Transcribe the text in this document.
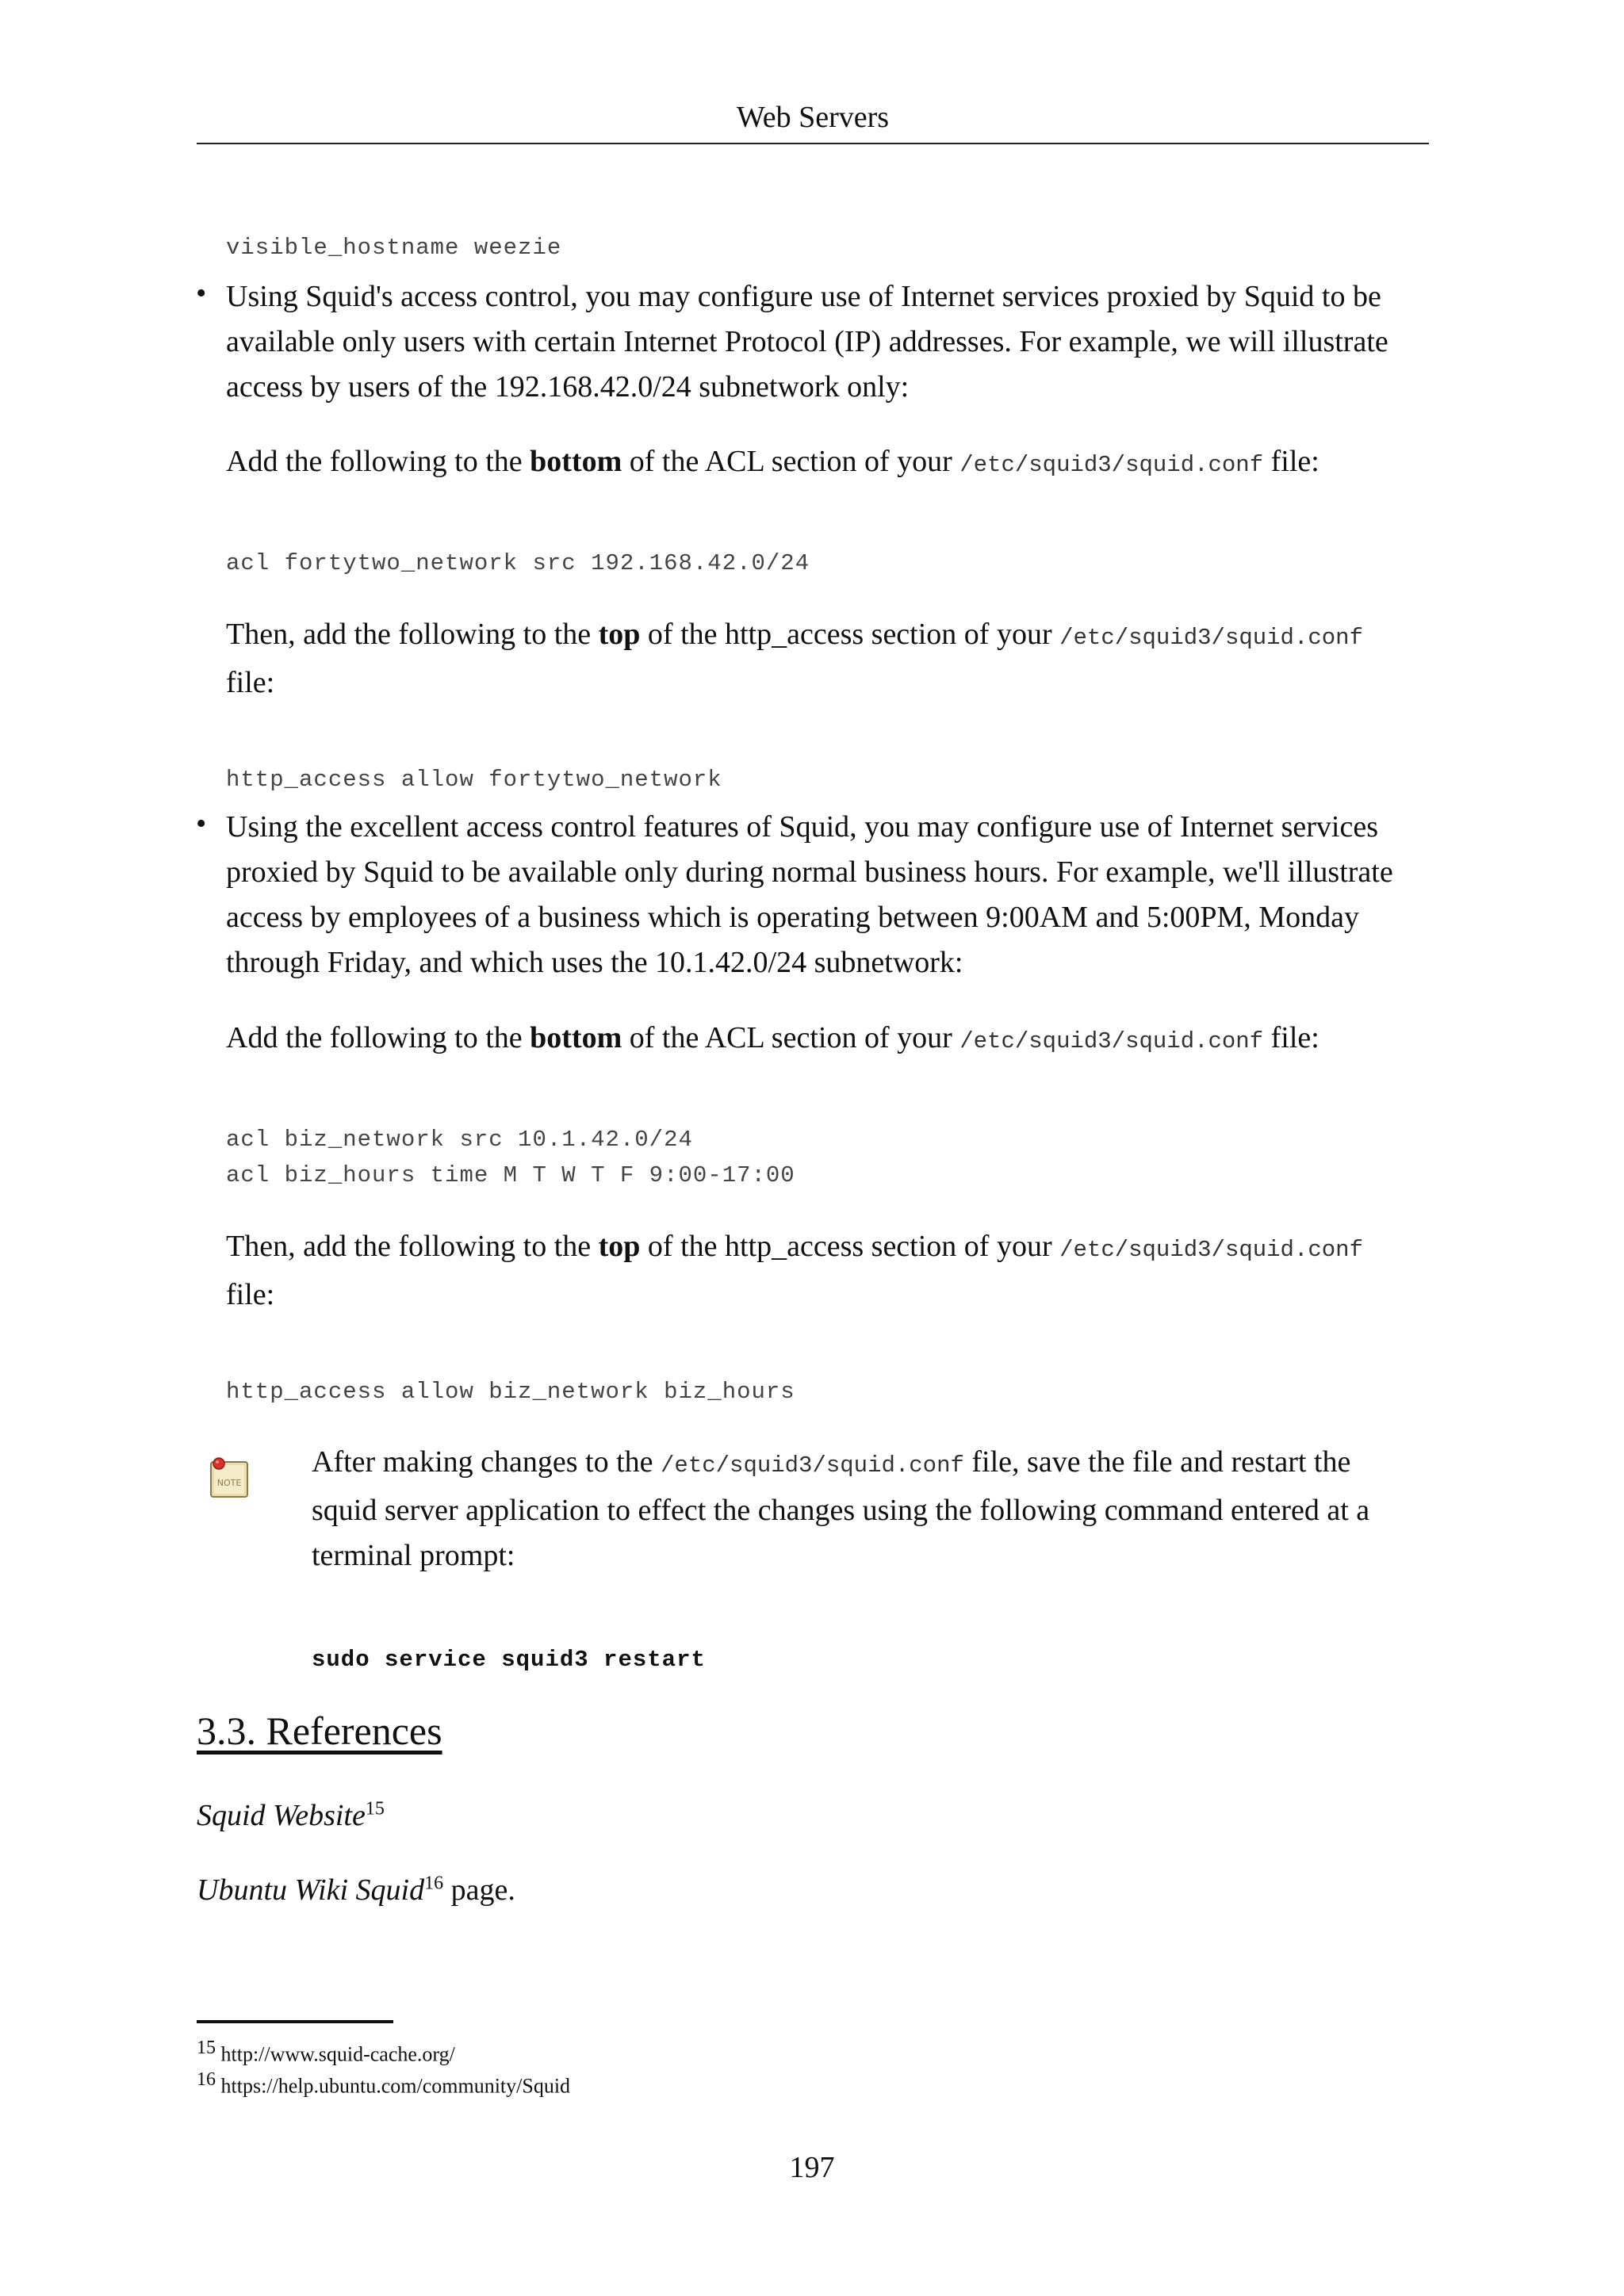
Web Servers
visible_hostname weezie
• Using Squid's access control, you may configure use of Internet services proxied by Squid to be
available only users with certain Internet Protocol (IP) addresses. For example, we will illustrate
access by users of the 192.168.42.0/24 subnetwork only:
Add the following to the bottom of the ACL section of your /etc/squid3/squid.conf file:
acl fortytwo_network src 192.168.42.0/24
Then, add the following to the top of the http_access section of your /etc/squid3/squid.conf
file:
http_access allow fortytwo_network
• Using the excellent access control features of Squid, you may configure use of Internet services
proxied by Squid to be available only during normal business hours. For example, we'll illustrate
access by employees of a business which is operating between 9:00AM and 5:00PM, Monday
through Friday, and which uses the 10.1.42.0/24 subnetwork:
Add the following to the bottom of the ACL section of your /etc/squid3/squid.conf file:
acl biz_network src 10.1.42.0/24
acl biz_hours time M T W T F 9:00-17:00
Then, add the following to the top of the http_access section of your /etc/squid3/squid.conf
file:
http_access allow biz_network biz_hours
NOTE
After making changes to the /etc/squid3/squid.conf file, save the file and restart the
squid server application to effect the changes using the following command entered at a
terminal prompt:
sudo service squid3 restart
3.3. References
Squid Website$^{15}$
Ubuntu Wiki Squid$^{16}$ page.
$^{15}$ http://www.squid-cache.org/
$^{16}$ https://help.ubuntu.com/community/Squid
197
